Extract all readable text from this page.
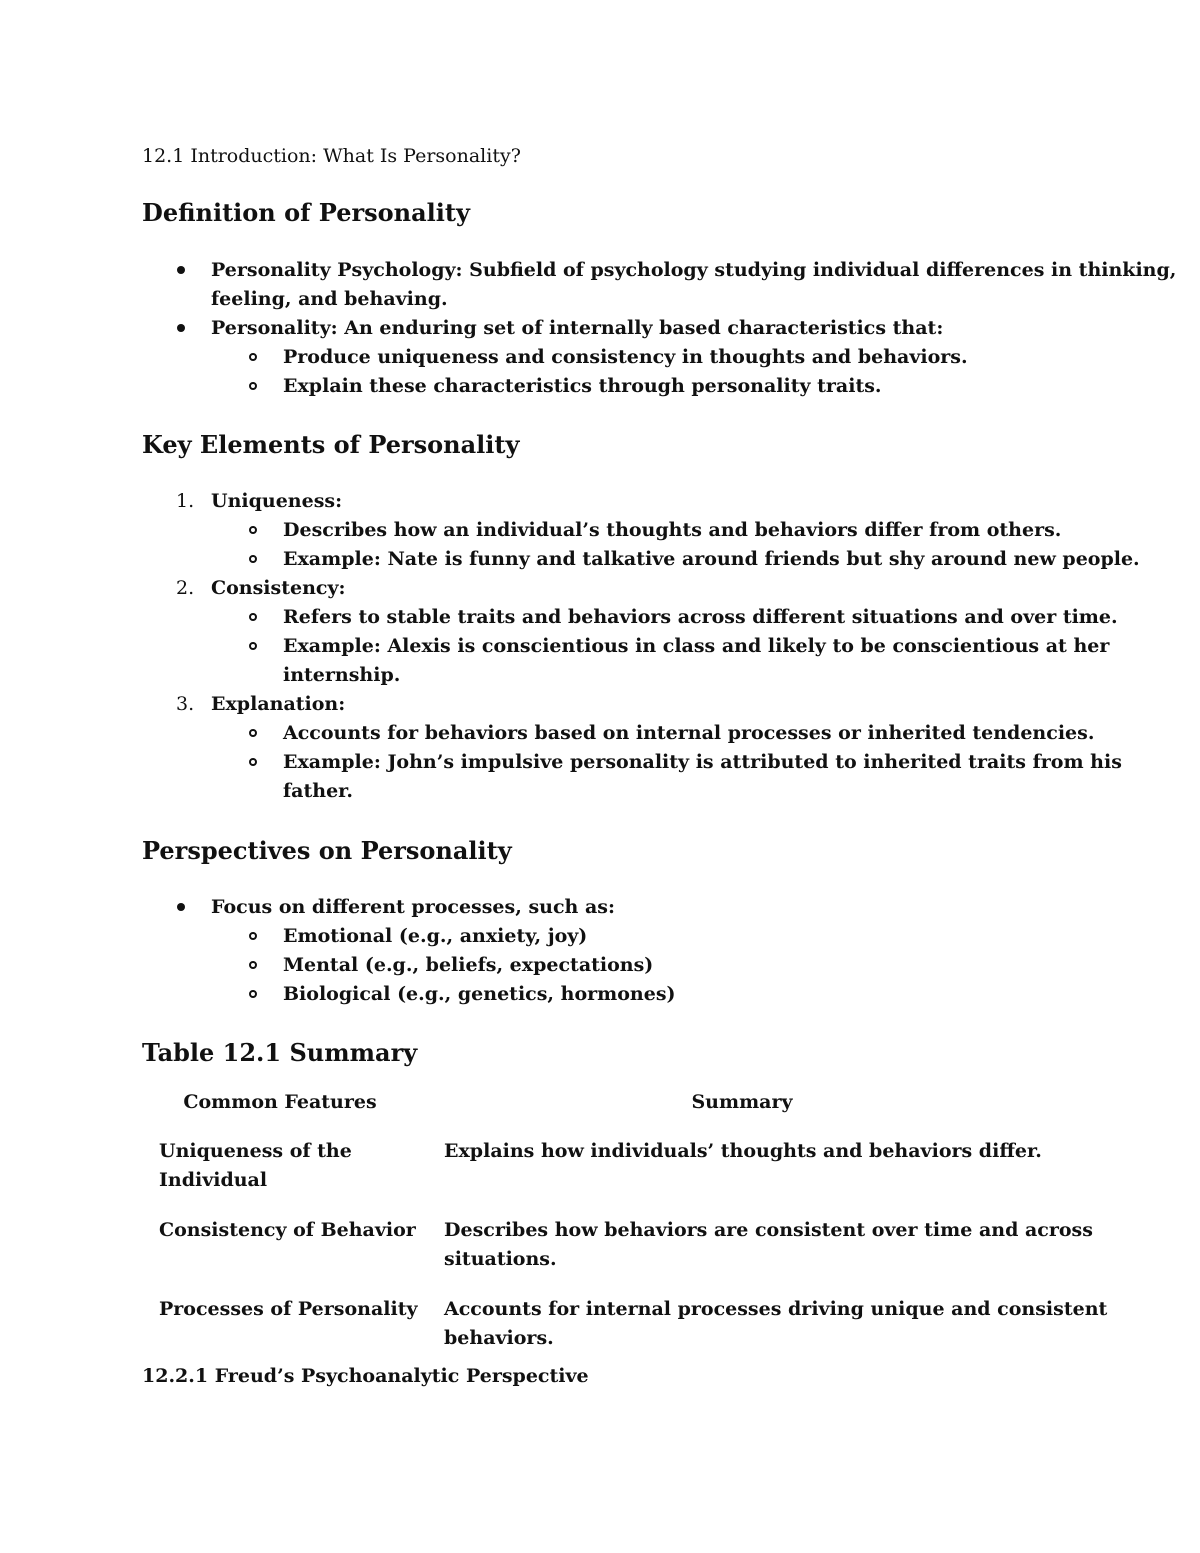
12.1 Introduction: What Is Personality?
Definition of Personality
Personality Psychology: Subfield of psychology studying individual differences in thinking,
feeling, and behaving.
Personality: An enduring set of internally based characteristics that:
Produce uniqueness and consistency in thoughts and behaviors.
Explain these characteristics through personality traits.
Key Elements of Personality
1. Uniqueness:
Describes how an individual’s thoughts and behaviors differ from others.
Example: Nate is funny and talkative around friends but shy around new people.
2. Consistency:
Refers to stable traits and behaviors across different situations and over time.
Example: Alexis is conscientious in class and likely to be conscientious at her
internship.
3. Explanation:
Accounts for behaviors based on internal processes or inherited tendencies.
Example: John’s impulsive personality is attributed to inherited traits from his
father.
Perspectives on Personality
Focus on different processes, such as:
Emotional (e.g., anxiety, joy)
Mental (e.g., beliefs, expectations)
Biological (e.g., genetics, hormones)
Table 12.1 Summary
Common Features	Summary
Uniqueness of the
Individual
Explains how individuals’ thoughts and behaviors differ.
Consistency of Behavior Describes how behaviors are consistent over time and across
situations.
Processes of Personality Accounts for internal processes driving unique and consistent
behaviors.
12.2.1 Freud’s Psychoanalytic Perspective
